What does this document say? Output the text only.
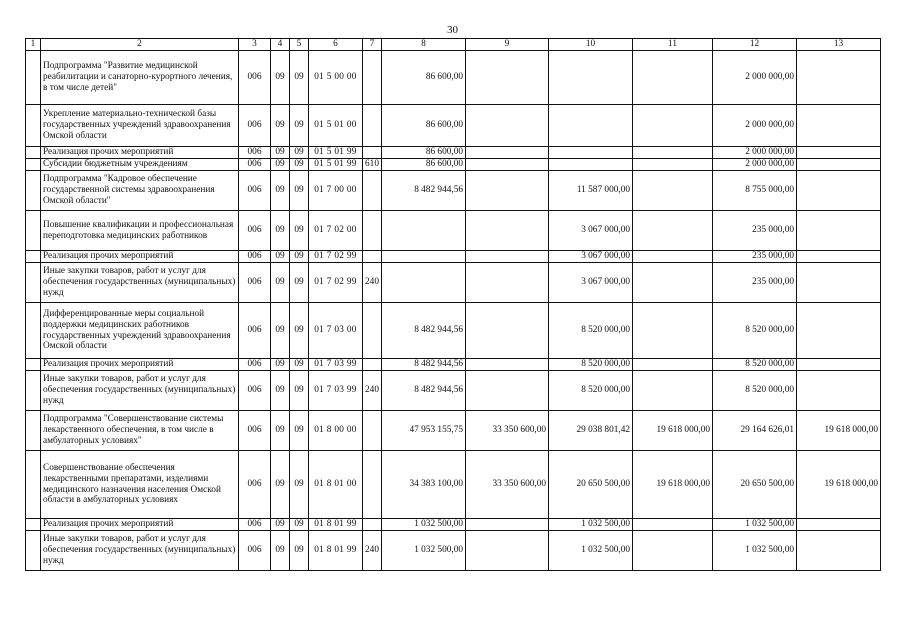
30
1	2	3	4	5	6	7	8	9	10	11	12	13
	Подпрограмма "Развитие медицинской реабилитации и санаторно-курортного лечения, в том числе детей"	006	09	09	01 5 00 00		86 600,00				2 000 000,00	
	Укрепление материально-технической базы государственных учреждений здравоохранения Омской области	006	09	09	01 5 01 00		86 600,00				2 000 000,00	
	Реализация прочих мероприятий	006	09	09	01 5 01 99		86 600,00				2 000 000,00	
	Субсидии бюджетным учреждениям	006	09	09	01 5 01 99	610	86 600,00				2 000 000,00	
	Подпрограмма "Кадровое обеспечение государственной системы здравоохранения Омской области"	006	09	09	01 7 00 00		8 482 944,56		11 587 000,00		8 755 000,00	
	Повышение квалификации и профессиональная переподготовка медицинских работников	006	09	09	01 7 02 00				3 067 000,00		235 000,00	
	Реализация прочих мероприятий	006	09	09	01 7 02 99				3 067 000,00		235 000,00	
	Иные закупки товаров, работ и услуг для обеспечения государственных (муниципальных) нужд	006	09	09	01 7 02 99	240			3 067 000,00		235 000,00	
	Дифференцированные меры социальной поддержки медицинских работников государственных учреждений здравоохранения Омской области	006	09	09	01 7 03 00		8 482 944,56		8 520 000,00		8 520 000,00	
	Реализация прочих мероприятий	006	09	09	01 7 03 99		8 482 944,56		8 520 000,00		8 520 000,00	
	Иные закупки товаров, работ и услуг для обеспечения государственных (муниципальных) нужд	006	09	09	01 7 03 99	240	8 482 944,56		8 520 000,00		8 520 000,00	
	Подпрограмма "Совершенствование системы лекарственного обеспечения, в том числе в амбулаторных условиях"	006	09	09	01 8 00 00		47 953 155,75	33 350 600,00	29 038 801,42	19 618 000,00	29 164 626,01	19 618 000,00
	Совершенствование обеспечения лекарственными препаратами, изделиями медицинского назначения населения Омской области в амбулаторных условиях	006	09	09	01 8 01 00		34 383 100,00	33 350 600,00	20 650 500,00	19 618 000,00	20 650 500,00	19 618 000,00
	Реализация прочих мероприятий	006	09	09	01 8 01 99		1 032 500,00		1 032 500,00		1 032 500,00	
	Иные закупки товаров, работ и услуг для обеспечения государственных (муниципальных) нужд	006	09	09	01 8 01 99	240	1 032 500,00		1 032 500,00		1 032 500,00	
